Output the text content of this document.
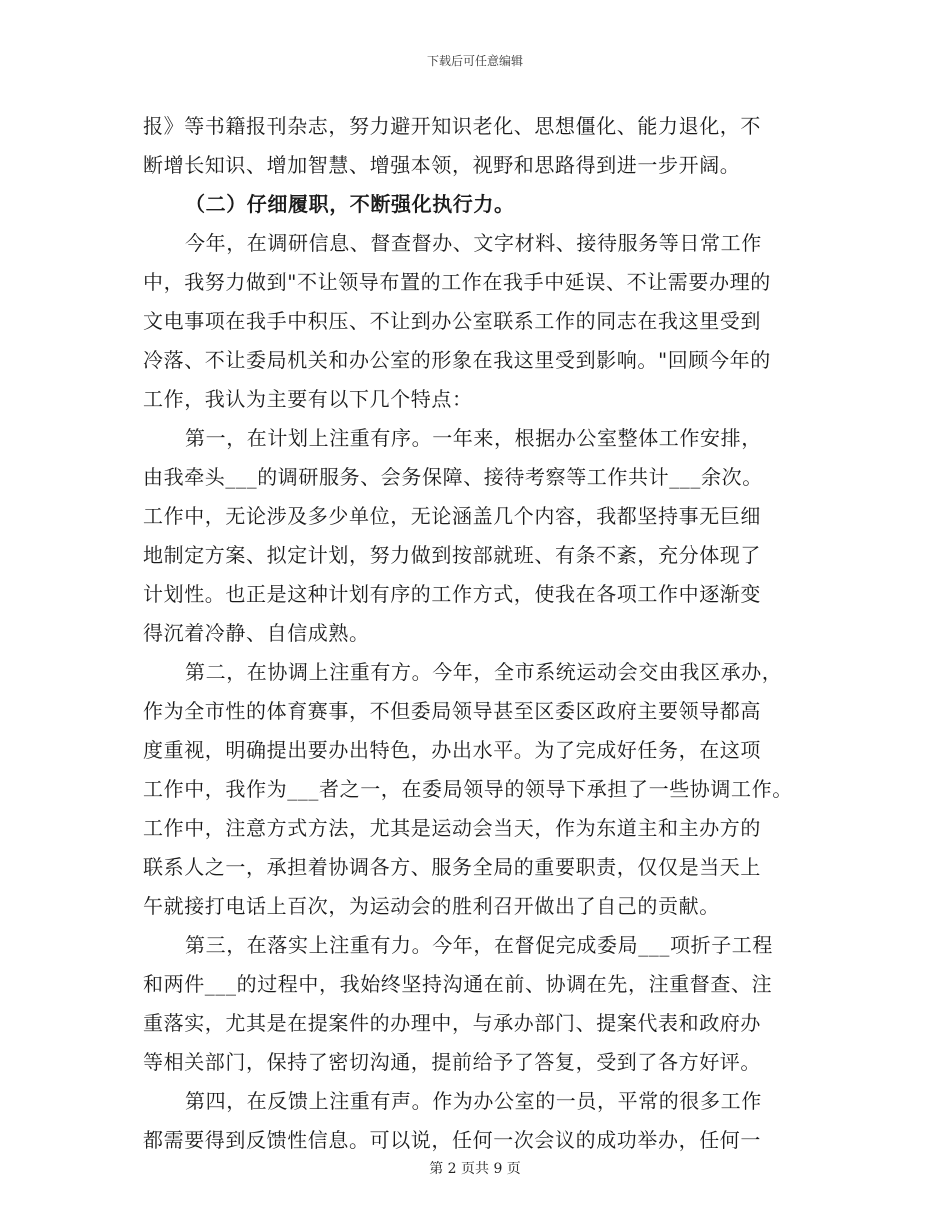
下载后可任意编辑
报》等书籍报刊杂志，努力避开知识老化、思想僵化、能力退化，不
断增长知识、增加智慧、增强本领，视野和思路得到进一步开阔。
（二）仔细履职，不断强化执行力。
今年，在调研信息、督查督办、文字材料、接待服务等日常工作
中，我努力做到"不让领导布置的工作在我手中延误、不让需要办理的
文电事项在我手中积压、不让到办公室联系工作的同志在我这里受到
冷落、不让委局机关和办公室的形象在我这里受到影响。"回顾今年的
工作，我认为主要有以下几个特点：
第一，在计划上注重有序。一年来，根据办公室整体工作安排，
由我牵头___的调研服务、会务保障、接待考察等工作共计___余次。
工作中，无论涉及多少单位，无论涵盖几个内容，我都坚持事无巨细
地制定方案、拟定计划，努力做到按部就班、有条不紊，充分体现了
计划性。也正是这种计划有序的工作方式，使我在各项工作中逐渐变
得沉着冷静、自信成熟。
第二，在协调上注重有方。今年，全市系统运动会交由我区承办，
作为全市性的体育赛事，不但委局领导甚至区委区政府主要领导都高
度重视，明确提出要办出特色，办出水平。为了完成好任务，在这项
工作中，我作为___者之一，在委局领导的领导下承担了一些协调工作。
工作中，注意方式方法，尤其是运动会当天，作为东道主和主办方的
联系人之一，承担着协调各方、服务全局的重要职责，仅仅是当天上
午就接打电话上百次，为运动会的胜利召开做出了自己的贡献。
第三，在落实上注重有力。今年，在督促完成委局___项折子工程
和两件___的过程中，我始终坚持沟通在前、协调在先，注重督查、注
重落实，尤其是在提案件的办理中，与承办部门、提案代表和政府办
等相关部门，保持了密切沟通，提前给予了答复，受到了各方好评。
第四，在反馈上注重有声。作为办公室的一员，平常的很多工作
都需要得到反馈性信息。可以说，任何一次会议的成功举办，任何一
第 2 页共 9 页
